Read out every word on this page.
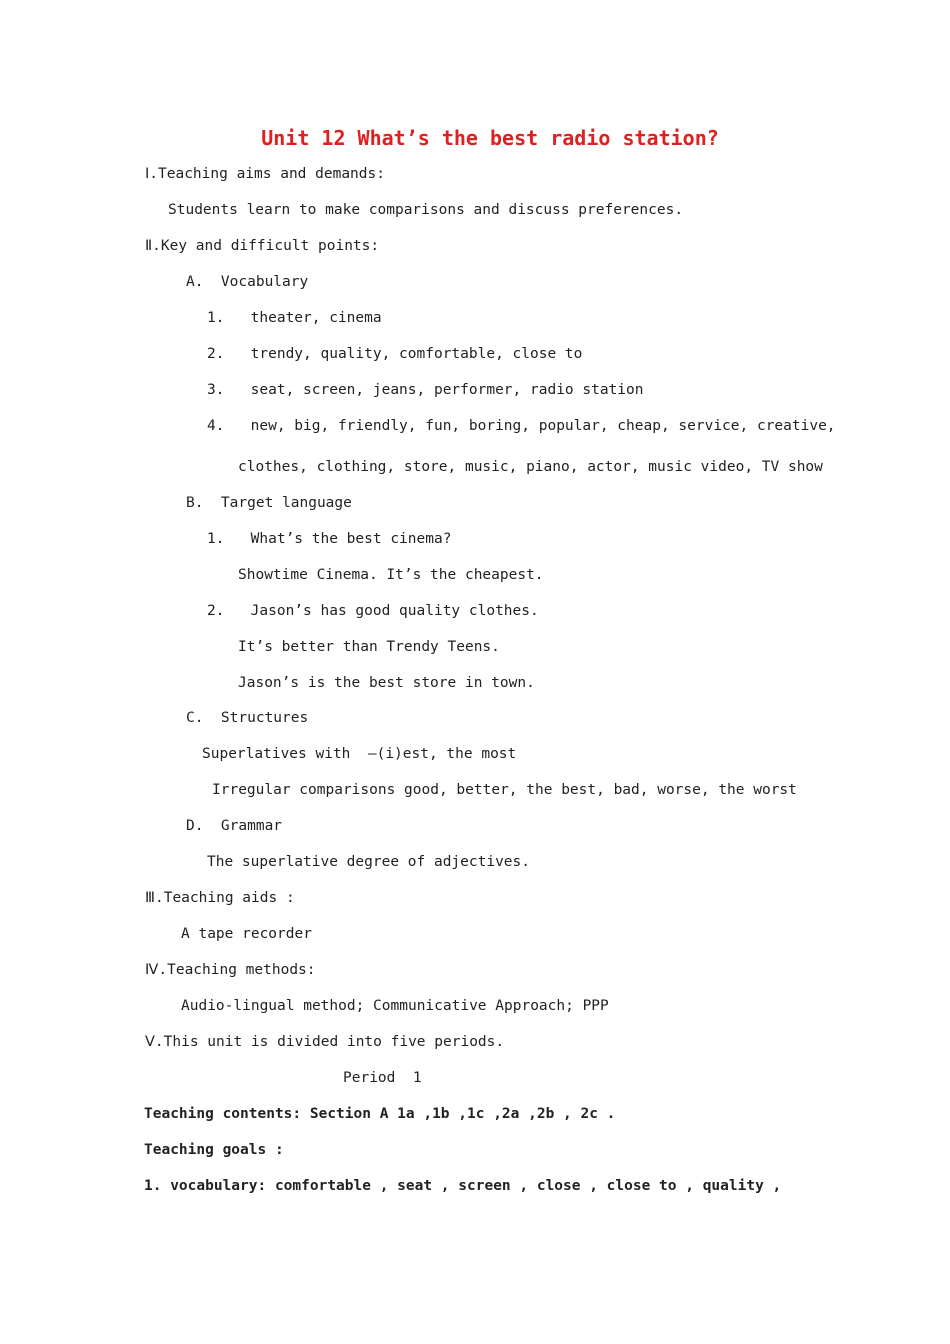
Unit 12 What’s the best radio station?
Ⅰ.Teaching aims and demands:
Students learn to make comparisons and discuss preferences.
Ⅱ.Key and difficult points:
A.  Vocabulary
1.   theater, cinema
2.   trendy, quality, comfortable, close to
3.   seat, screen, jeans, performer, radio station
4.   new, big, friendly, fun, boring, popular, cheap, service, creative,
clothes, clothing, store, music, piano, actor, music video, TV show
B.  Target language
1.   What’s the best cinema?
Showtime Cinema. It’s the cheapest.
2.   Jason’s has good quality clothes.
It’s better than Trendy Teens.
Jason’s is the best store in town.
C.  Structures
Superlatives with  –(i)est, the most
Irregular comparisons good, better, the best, bad, worse, the worst
D.  Grammar
The superlative degree of adjectives.
Ⅲ.Teaching aids :
A tape recorder
Ⅳ.Teaching methods:
Audio-lingual method; Communicative Approach; PPP
Ⅴ.This unit is divided into five periods.
Period  1
Teaching contents: Section A 1a ,1b ,1c ,2a ,2b , 2c .
Teaching goals :
1. vocabulary: comfortable , seat , screen , close , close to , quality ,
